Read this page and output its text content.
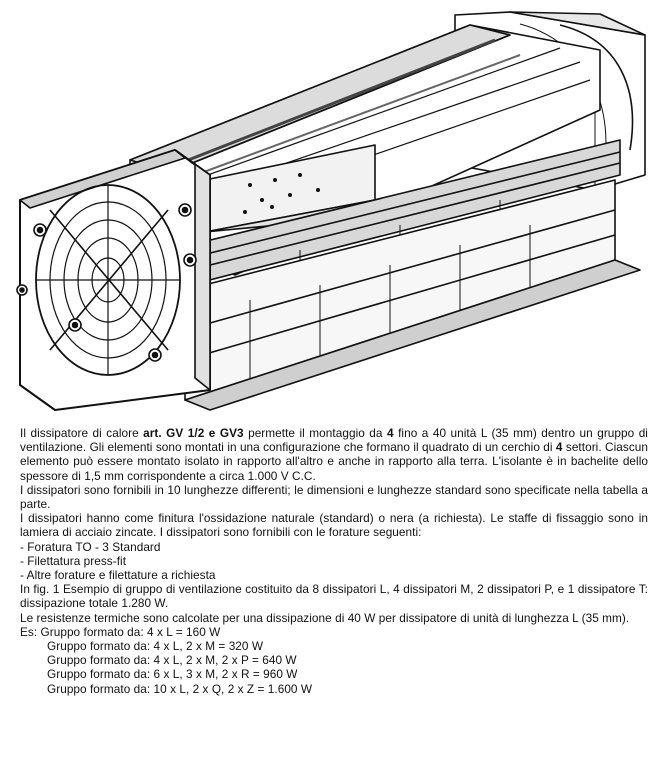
Il dissipatore di calore art. GV 1/2 e GV3 permette il montaggio da 4 fino a 40 unità L (35 mm) dentro un gruppo di ventilazione. Gli elementi sono montati in una configurazione che formano il quadrato di un cerchio di 4 settori. Ciascun elemento può essere montato isolato in rapporto all'altro e anche in rapporto alla terra. L'isolante è in bachelite dello spessore di 1,5 mm corrispondente a circa 1.000 V C.C.

I dissipatori sono fornibili in 10 lunghezze differenti; le dimensioni e lunghezze standard sono specificate nella tabella a parte.

I dissipatori hanno come finitura l'ossidazione naturale (standard) o nera (a richiesta). Le staffe di fissaggio sono in lamiera di acciaio zincate. I dissipatori sono fornibili con le forature seguenti:

- Foratura TO - 3 Standard
- Filettatura press-fit
- Altre forature e filettature a richiesta

In fig. 1 Esempio di gruppo di ventilazione costituito da 8 dissipatori L, 4 dissipatori M, 2 dissipatori P, e 1 dissipatore T: dissipazione totale 1.280 W.

Le resistenze termiche sono calcolate per una dissipazione di 40 W per dissipatore di unità di lunghezza L (35 mm).

Es: Gruppo formato da: 4 x L = 160 W
Gruppo formato da: 4 x L, 2 x M = 320 W
Gruppo formato da: 4 x L, 2 x M, 2 x P = 640 W
Gruppo formato da: 6 x L, 3 x M, 2 x R = 960 W
Gruppo formato da: 10 x L, 2 x Q, 2 x Z = 1.600 W
